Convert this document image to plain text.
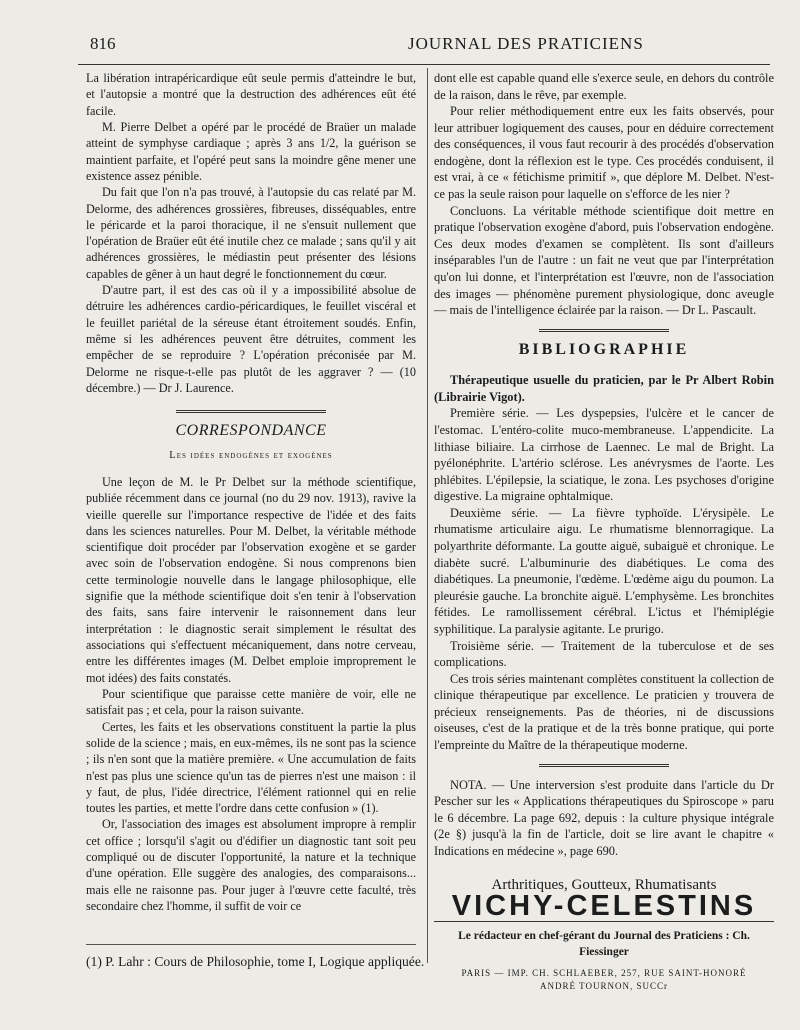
816	JOURNAL DES PRATICIENS

La libération intrapéricardique eût seule permis d'atteindre le but, et l'autopsie a montré que la destruction des adhérences eût été facile.

M. Pierre Delbet a opéré par le procédé de Braüer un malade atteint de symphyse cardiaque ; après 3 ans 1/2, la guérison se maintient parfaite, et l'opéré peut sans la moindre gêne mener une existence assez pénible.

Du fait que l'on n'a pas trouvé, à l'autopsie du cas relaté par M. Delorme, des adhérences grossières, fibreuses, disséquables, entre le péricarde et la paroi thoracique, il ne s'ensuit nullement que l'opération de Braüer eût été inutile chez ce malade ; sans qu'il y ait adhérences grossières, le médiastin peut présenter des lésions capables de gêner à un haut degré le fonctionnement du cœur.

D'autre part, il est des cas où il y a impossibilité absolue de détruire les adhérences cardio-péricardiques, le feuillet viscéral et le feuillet pariétal de la séreuse étant étroitement soudés. Enfin, même si les adhérences peuvent être détruites, comment les empêcher de se reproduire ? L'opération préconisée par M. Delorme ne risque-t-elle pas plutôt de les aggraver ? — (10 décembre.) — Dr J. Laurence.

CORRESPONDANCE
Les idées endogènes et exogènes

Une leçon de M. le Pr Delbet sur la méthode scientifique, publiée récemment dans ce journal (no du 29 nov. 1913), ravive la vieille querelle sur l'importance respective de l'idée et des faits dans les sciences naturelles. Pour M. Delbet, la véritable méthode scientifique doit procéder par l'observation exogène et se garder avec soin de l'observation endogène. Si nous comprenons bien cette terminologie nouvelle dans le langage philosophique, elle signifie que la méthode scientifique doit s'en tenir à l'observation des faits, sans faire intervenir le raisonnement dans leur interprétation : le diagnostic serait simplement le résultat des associations qui s'effectuent mécaniquement, dans notre cerveau, entre les différentes images (M. Delbet emploie improprement le mot idées) des faits constatés.

Pour scientifique que paraisse cette manière de voir, elle ne satisfait pas ; et cela, pour la raison suivante.

Certes, les faits et les observations constituent la partie la plus solide de la science ; mais, en eux-mêmes, ils ne sont pas la science ; ils n'en sont que la matière première. « Une accumulation de faits n'est pas plus une science qu'un tas de pierres n'est une maison : il y faut, de plus, l'idée directrice, l'élément rationnel qui en relie toutes les parties, et mette l'ordre dans cette confusion » (1).

Or, l'association des images est absolument impropre à remplir cet office ; lorsqu'il s'agit ou d'édifier un diagnostic tant soit peu compliqué ou de discuter l'opportunité, la nature et la technique d'une opération. Elle suggère des analogies, des comparaisons... mais elle ne raisonne pas. Pour juger à l'œuvre cette faculté, très secondaire chez l'homme, il suffit de voir ce

(1) P. Lahr : Cours de Philosophie, tome I, Logique appliquée.

dont elle est capable quand elle s'exerce seule, en dehors du contrôle de la raison, dans le rêve, par exemple.

Pour relier méthodiquement entre eux les faits observés, pour leur attribuer logiquement des causes, pour en déduire correctement des conséquences, il vous faut recourir à des procédés d'observation endogène, dont la réflexion est le type. Ces procédés conduisent, il est vrai, à ce « fétichisme primitif », que déplore M. Delbet. N'est-ce pas la seule raison pour laquelle on s'efforce de les nier ?

Concluons. La véritable méthode scientifique doit mettre en pratique l'observation exogène d'abord, puis l'observation endogène. Ces deux modes d'examen se complètent. Ils sont d'ailleurs inséparables l'un de l'autre : un fait ne veut que par l'interprétation qu'on lui donne, et l'interprétation est l'œuvre, non de l'association des images — phénomène purement physiologique, donc aveugle — mais de l'intelligence éclairée par la raison. — Dr L. Pascault.

BIBLIOGRAPHIE

Thérapeutique usuelle du praticien, par le Pr Albert Robin (Librairie Vigot).

Première série. — Les dyspepsies, l'ulcère et le cancer de l'estomac. L'entéro-colite muco-membraneuse. L'appendicite. La lithiase biliaire. La cirrhose de Laennec. Le mal de Bright. La pyélonéphrite. L'artério sclérose. Les anévrysmes de l'aorte. Les phlébites. L'épilepsie, la sciatique, le zona. Les psychoses d'origine digestive. La migraine ophtalmique.

Deuxième série. — La fièvre typhoïde. L'érysipèle. Le rhumatisme articulaire aigu. Le rhumatisme blennorragique. La polyarthrite déformante. La goutte aiguë, subaiguë et chronique. Le diabète sucré. L'albuminurie des diabétiques. Le coma des diabétiques. La pneumonie, l'œdème. L'œdème aigu du poumon. La pleurésie gauche. La bronchite aiguë. L'emphysème. Les bronchites fétides. Le ramollissement cérébral. L'ictus et l'hémiplégie syphilitique. La paralysie agitante. Le prurigo.

Troisième série. — Traitement de la tuberculose et de ses complications.

Ces trois séries maintenant complètes constituent la collection de clinique thérapeutique par excellence. Le praticien y trouvera de précieux renseignements. Pas de théories, ni de discussions oiseuses, c'est de la pratique et de la très bonne pratique, qui porte l'empreinte du Maître de la thérapeutique moderne.

NOTA. — Une interversion s'est produite dans l'article du Dr Pescher sur les « Applications thérapeutiques du Spiroscope » paru le 6 décembre. La page 692, depuis : la culture physique intégrale (2e §) jusqu'à la fin de l'article, doit se lire avant le chapitre « Indications en médecine », page 690.

Arthritiques, Goutteux, Rhumatisants
VICHY-CELESTINS
Le rédacteur en chef-gérant du Journal des Praticiens : Ch. Fiessinger
PARIS — IMP. CH. SCHLAEBER, 257, RUE SAINT-HONORÉ
ANDRÉ TOURNON, SUCCr
